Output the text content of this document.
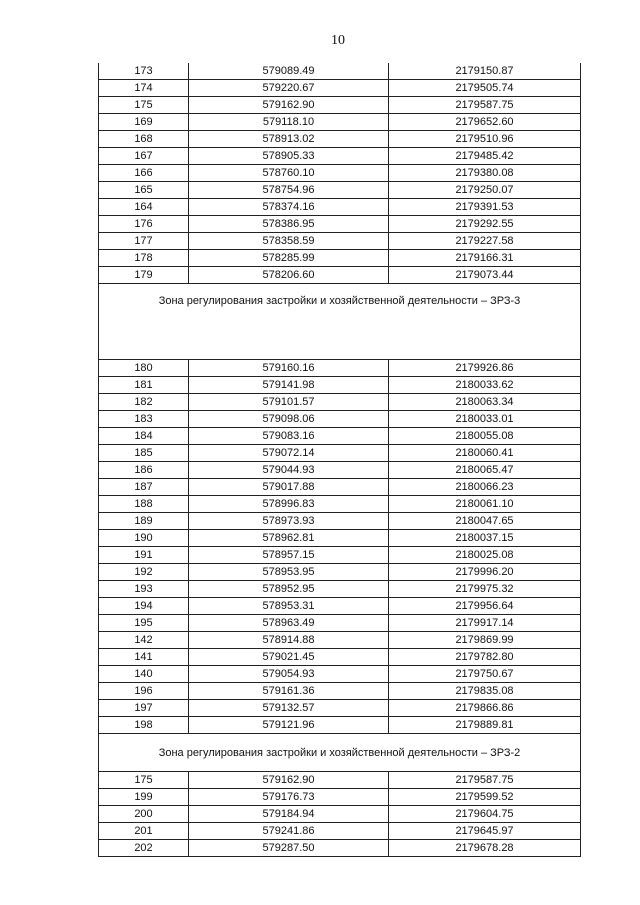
10
173	579089.49	2179150.87
174	579220.67	2179505.74
175	579162.90	2179587.75
169	579118.10	2179652.60
168	578913.02	2179510.96
167	578905.33	2179485.42
166	578760.10	2179380.08
165	578754.96	2179250.07
164	578374.16	2179391.53
176	578386.95	2179292.55
177	578358.59	2179227.58
178	578285.99	2179166.31
179	578206.60	2179073.44
Зона регулирования застройки и хозяйственной деятельности – ЗРЗ-3		
180	579160.16	2179926.86
181	579141.98	2180033.62
182	579101.57	2180063.34
183	579098.06	2180033.01
184	579083.16	2180055.08
185	579072.14	2180060.41
186	579044.93	2180065.47
187	579017.88	2180066.23
188	578996.83	2180061.10
189	578973.93	2180047.65
190	578962.81	2180037.15
191	578957.15	2180025.08
192	578953.95	2179996.20
193	578952.95	2179975.32
194	578953.31	2179956.64
195	578963.49	2179917.14
142	578914.88	2179869.99
141	579021.45	2179782.80
140	579054.93	2179750.67
196	579161.36	2179835.08
197	579132.57	2179866.86
198	579121.96	2179889.81
Зона регулирования застройки и хозяйственной деятельности – ЗРЗ-2		
175	579162.90	2179587.75
199	579176.73	2179599.52
200	579184.94	2179604.75
201	579241.86	2179645.97
202	579287.50	2179678.28
